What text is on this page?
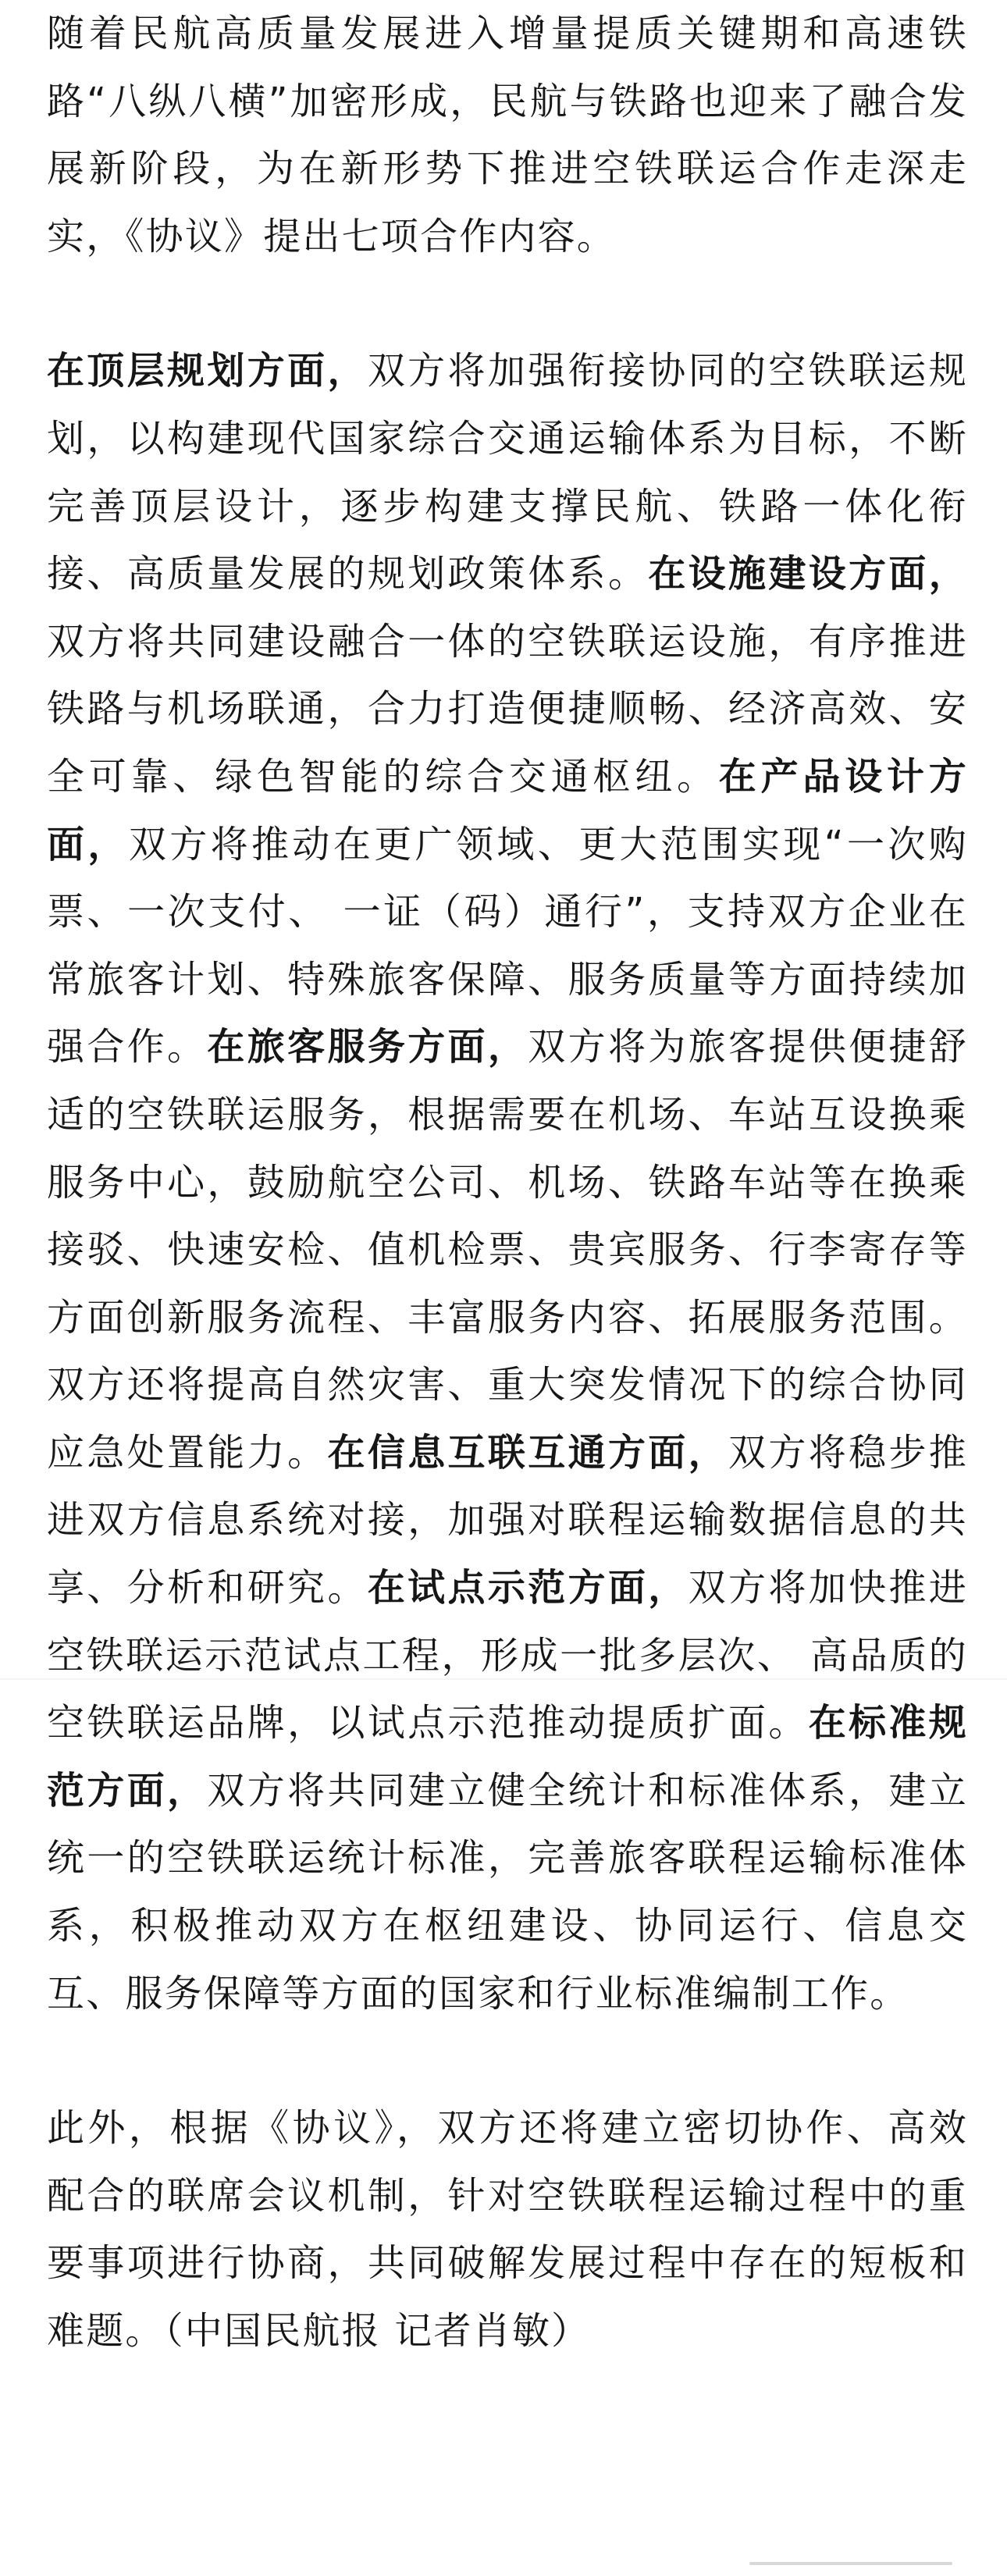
随着民航高质量发展进入增量提质关键期和高速铁路“八纵八横”加密形成，民航与铁路也迎来了融合发展新阶段，为在新形势下推进空铁联运合作走深走实，《协议》提出七项合作内容。

在顶层规划方面，双方将加强衔接协同的空铁联运规划，以构建现代国家综合交通运输体系为目标，不断完善顶层设计，逐步构建支撑民航、铁路一体化衔接、高质量发展的规划政策体系。在设施建设方面，双方将共同建设融合一体的空铁联运设施，有序推进铁路与机场联通，合力打造便捷顺畅、经济高效、安全可靠、绿色智能的综合交通枢纽。在产品设计方面，双方将推动在更广领域、更大范围实现“一次购票、一次支付、 一证（码）通行”，支持双方企业在常旅客计划、特殊旅客保障、服务质量等方面持续加强合作。在旅客服务方面，双方将为旅客提供便捷舒适的空铁联运服务，根据需要在机场、车站互设换乘服务中心，鼓励航空公司、机场、铁路车站等在换乘接驳、快速安检、值机检票、贵宾服务、行李寄存等方面创新服务流程、丰富服务内容、拓展服务范围。双方还将提高自然灾害、重大突发情况下的综合协同应急处置能力。在信息互联互通方面，双方将稳步推进双方信息系统对接，加强对联程运输数据信息的共享、分析和研究。在试点示范方面，双方将加快推进空铁联运示范试点工程，形成一批多层次、 高品质的空铁联运品牌，以试点示范推动提质扩面。在标准规范方面，双方将共同建立健全统计和标准体系，建立统一的空铁联运统计标准，完善旅客联程运输标准体系，积极推动双方在枢纽建设、协同运行、信息交互、服务保障等方面的国家和行业标准编制工作。

此外，根据《协议》，双方还将建立密切协作、高效配合的联席会议机制，针对空铁联程运输过程中的重要事项进行协商，共同破解发展过程中存在的短板和难题。（中国民航报 记者肖敏）
